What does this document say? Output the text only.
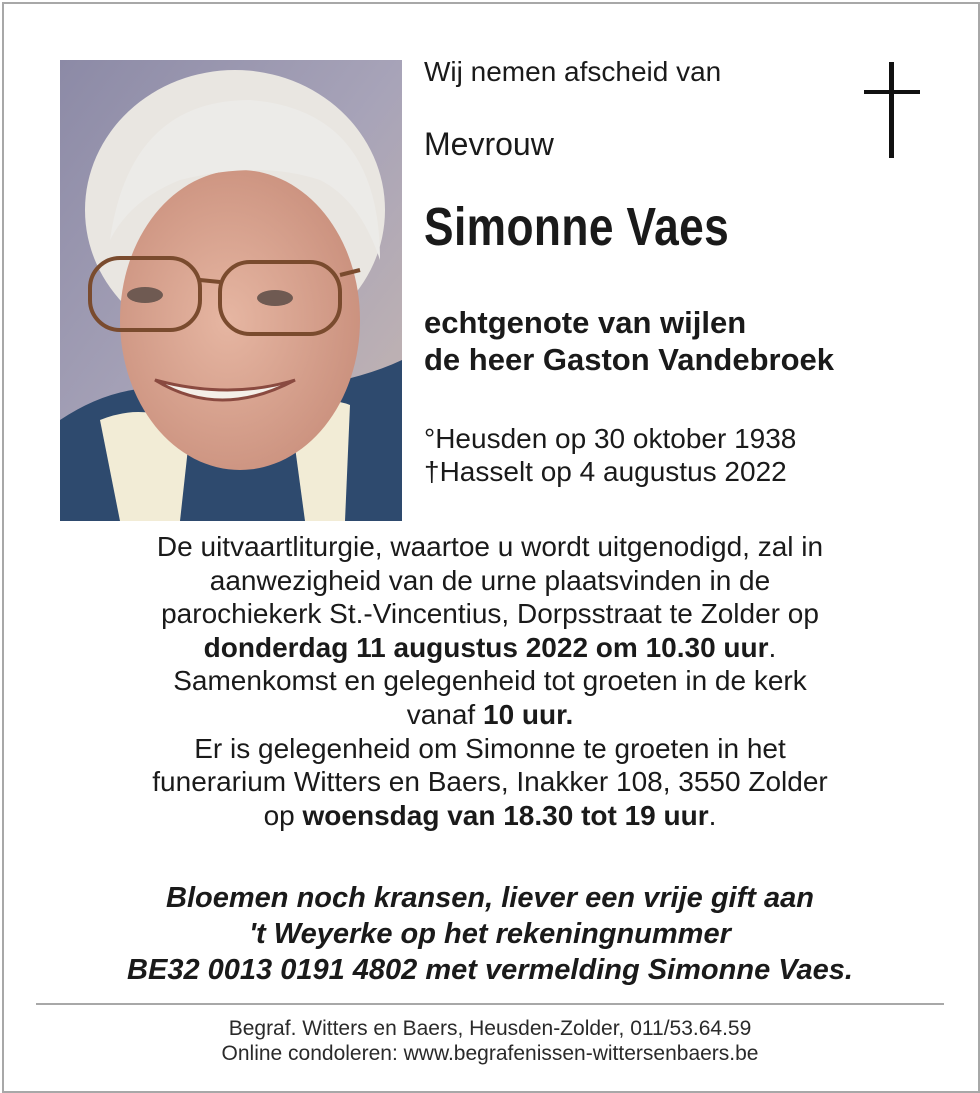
Wij nemen afscheid van
Mevrouw
Simonne Vaes
echtgenote van wijlen
de heer Gaston Vandebroek
°Heusden op 30 oktober 1938
†Hasselt op 4 augustus 2022
De uitvaartliturgie, waartoe u wordt uitgenodigd, zal in
aanwezigheid van de urne plaatsvinden in de
parochiekerk St.-Vincentius, Dorpsstraat te Zolder op
donderdag 11 augustus 2022 om 10.30 uur.
Samenkomst en gelegenheid tot groeten in de kerk
vanaf 10 uur.
Er is gelegenheid om Simonne te groeten in het
funerarium Witters en Baers, Inakker 108, 3550 Zolder
op woensdag van 18.30 tot 19 uur.
Bloemen noch kransen, liever een vrije gift aan
't Weyerke op het rekeningnummer
BE32 0013 0191 4802 met vermelding Simonne Vaes.
Begraf. Witters en Baers, Heusden-Zolder, 011/53.64.59
Online condoleren: www.begrafenissen-wittersenbaers.be
